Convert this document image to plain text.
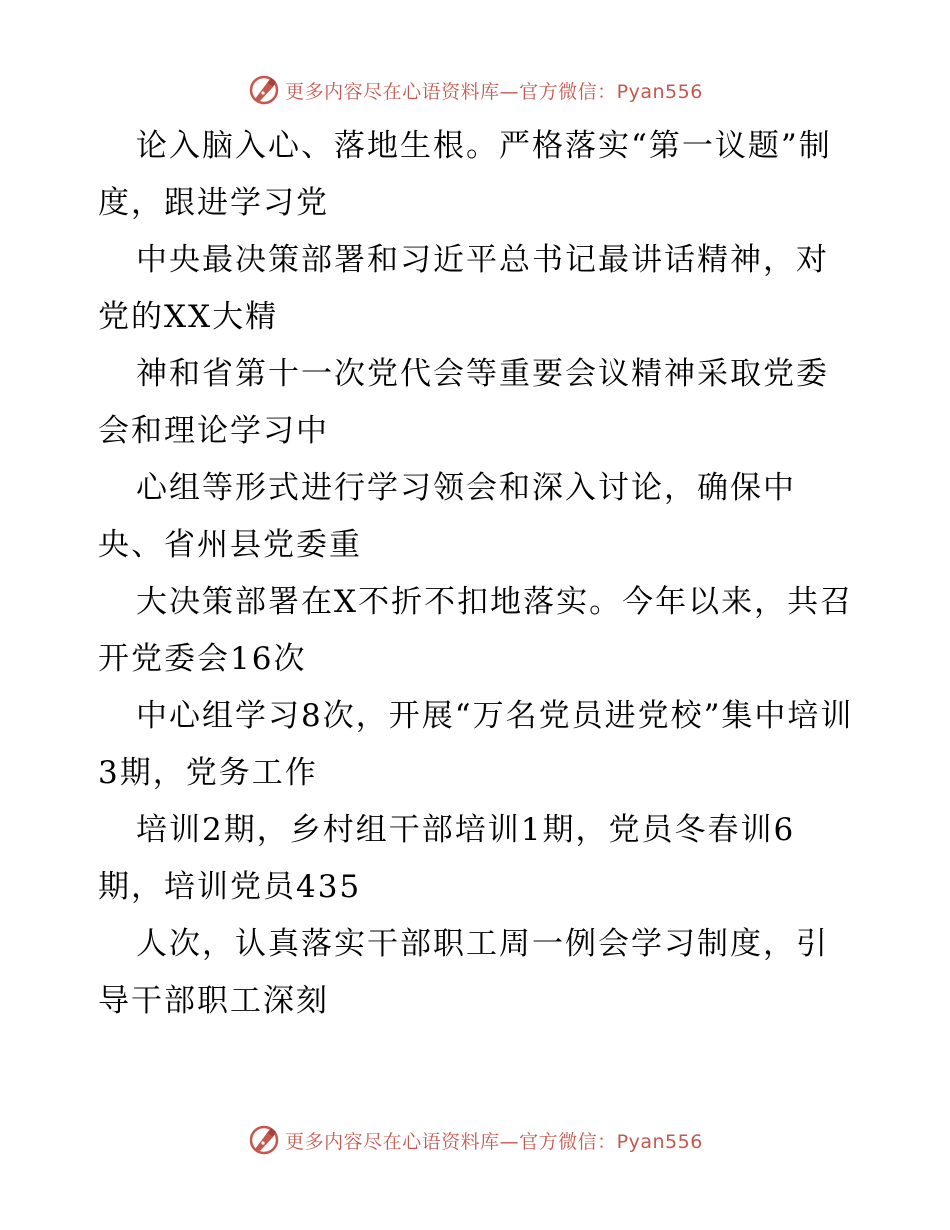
更多内容尽在心语资料库—官方微信：Pyan556

论入脑入心、落地生根。严格落实“第一议题”制度，跟进学习党

中央最决策部署和习近平总书记最讲话精神，对党的XX大精

神和省第十一次党代会等重要会议精神采取党委会和理论学习中

心组等形式进行学习领会和深入讨论，确保中央、省州县党委重

大决策部署在X不折不扣地落实。今年以来，共召开党委会16次

中心组学习8次，开展“万名党员进党校”集中培训3期，党务工作

培训2期，乡村组干部培训1期，党员冬春训6期，培训党员435

人次，认真落实干部职工周一例会学习制度，引导干部职工深刻

更多内容尽在心语资料库—官方微信：Pyan556
